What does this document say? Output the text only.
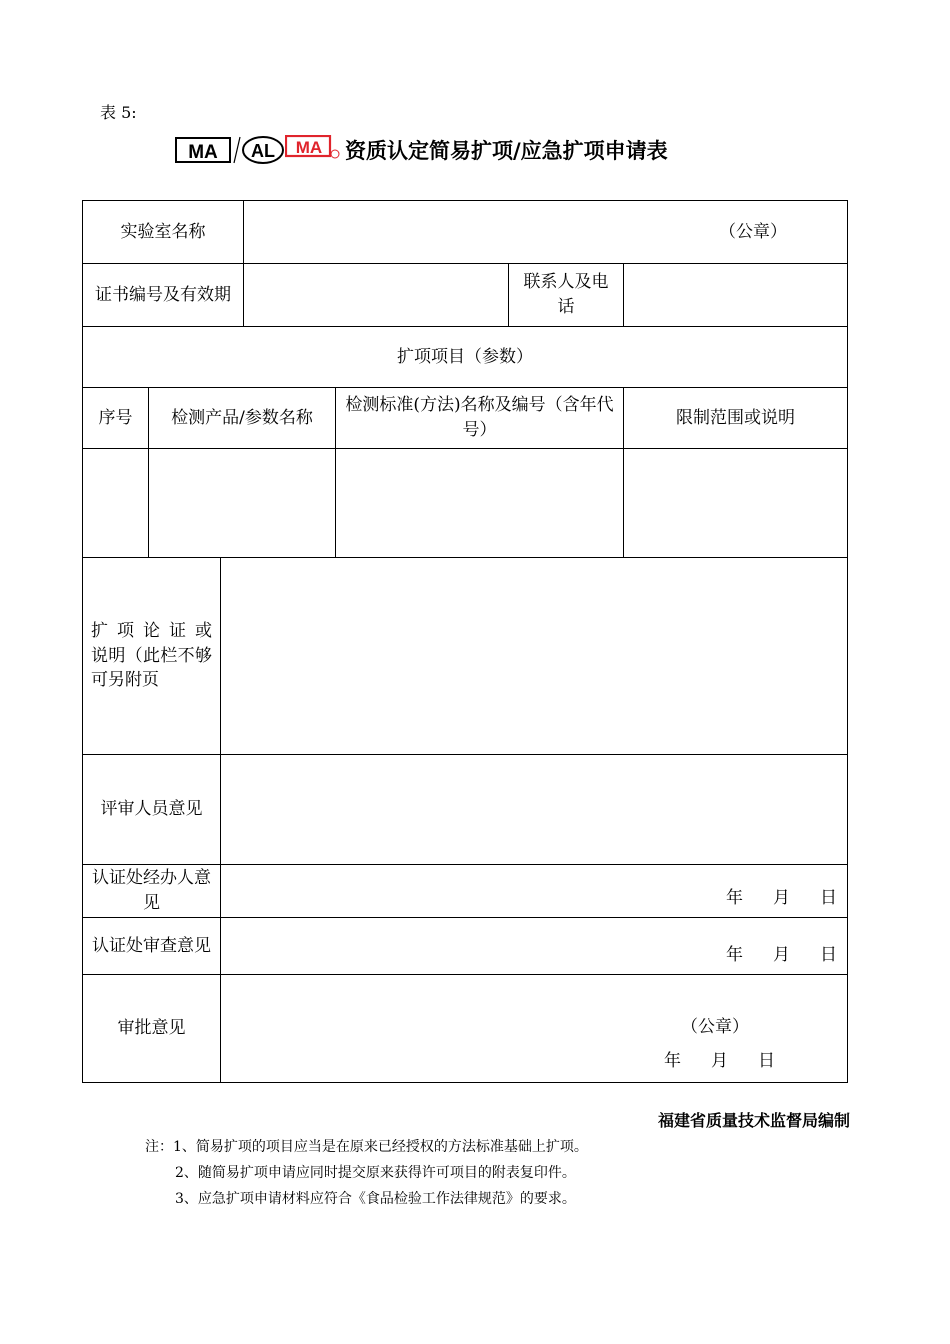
表 5:
MA AL MA 资质认定简易扩项/应急扩项申请表
实验室名称			（公章）			
证书编号及有效期					联系人及电话	
扩项项目（参数）						
序号	检测产品/参数名称			检测标准(方法)名称及编号（含年代号）		限制范围或说明

扩 项 论 证 或说明（此栏不够可另附页						
评审人员意见						
认证处经办人意见		年 月 日				

认证处审查意见		年 月 日				

审批意见		（公章）
年 月 日				
福建省质量技术监督局编制
注：1、简易扩项的项目应当是在原来已经授权的方法标准基础上扩项。
2、随简易扩项申请应同时提交原来获得许可项目的附表复印件。
3、应急扩项申请材料应符合《食品检验工作法律规范》的要求。
